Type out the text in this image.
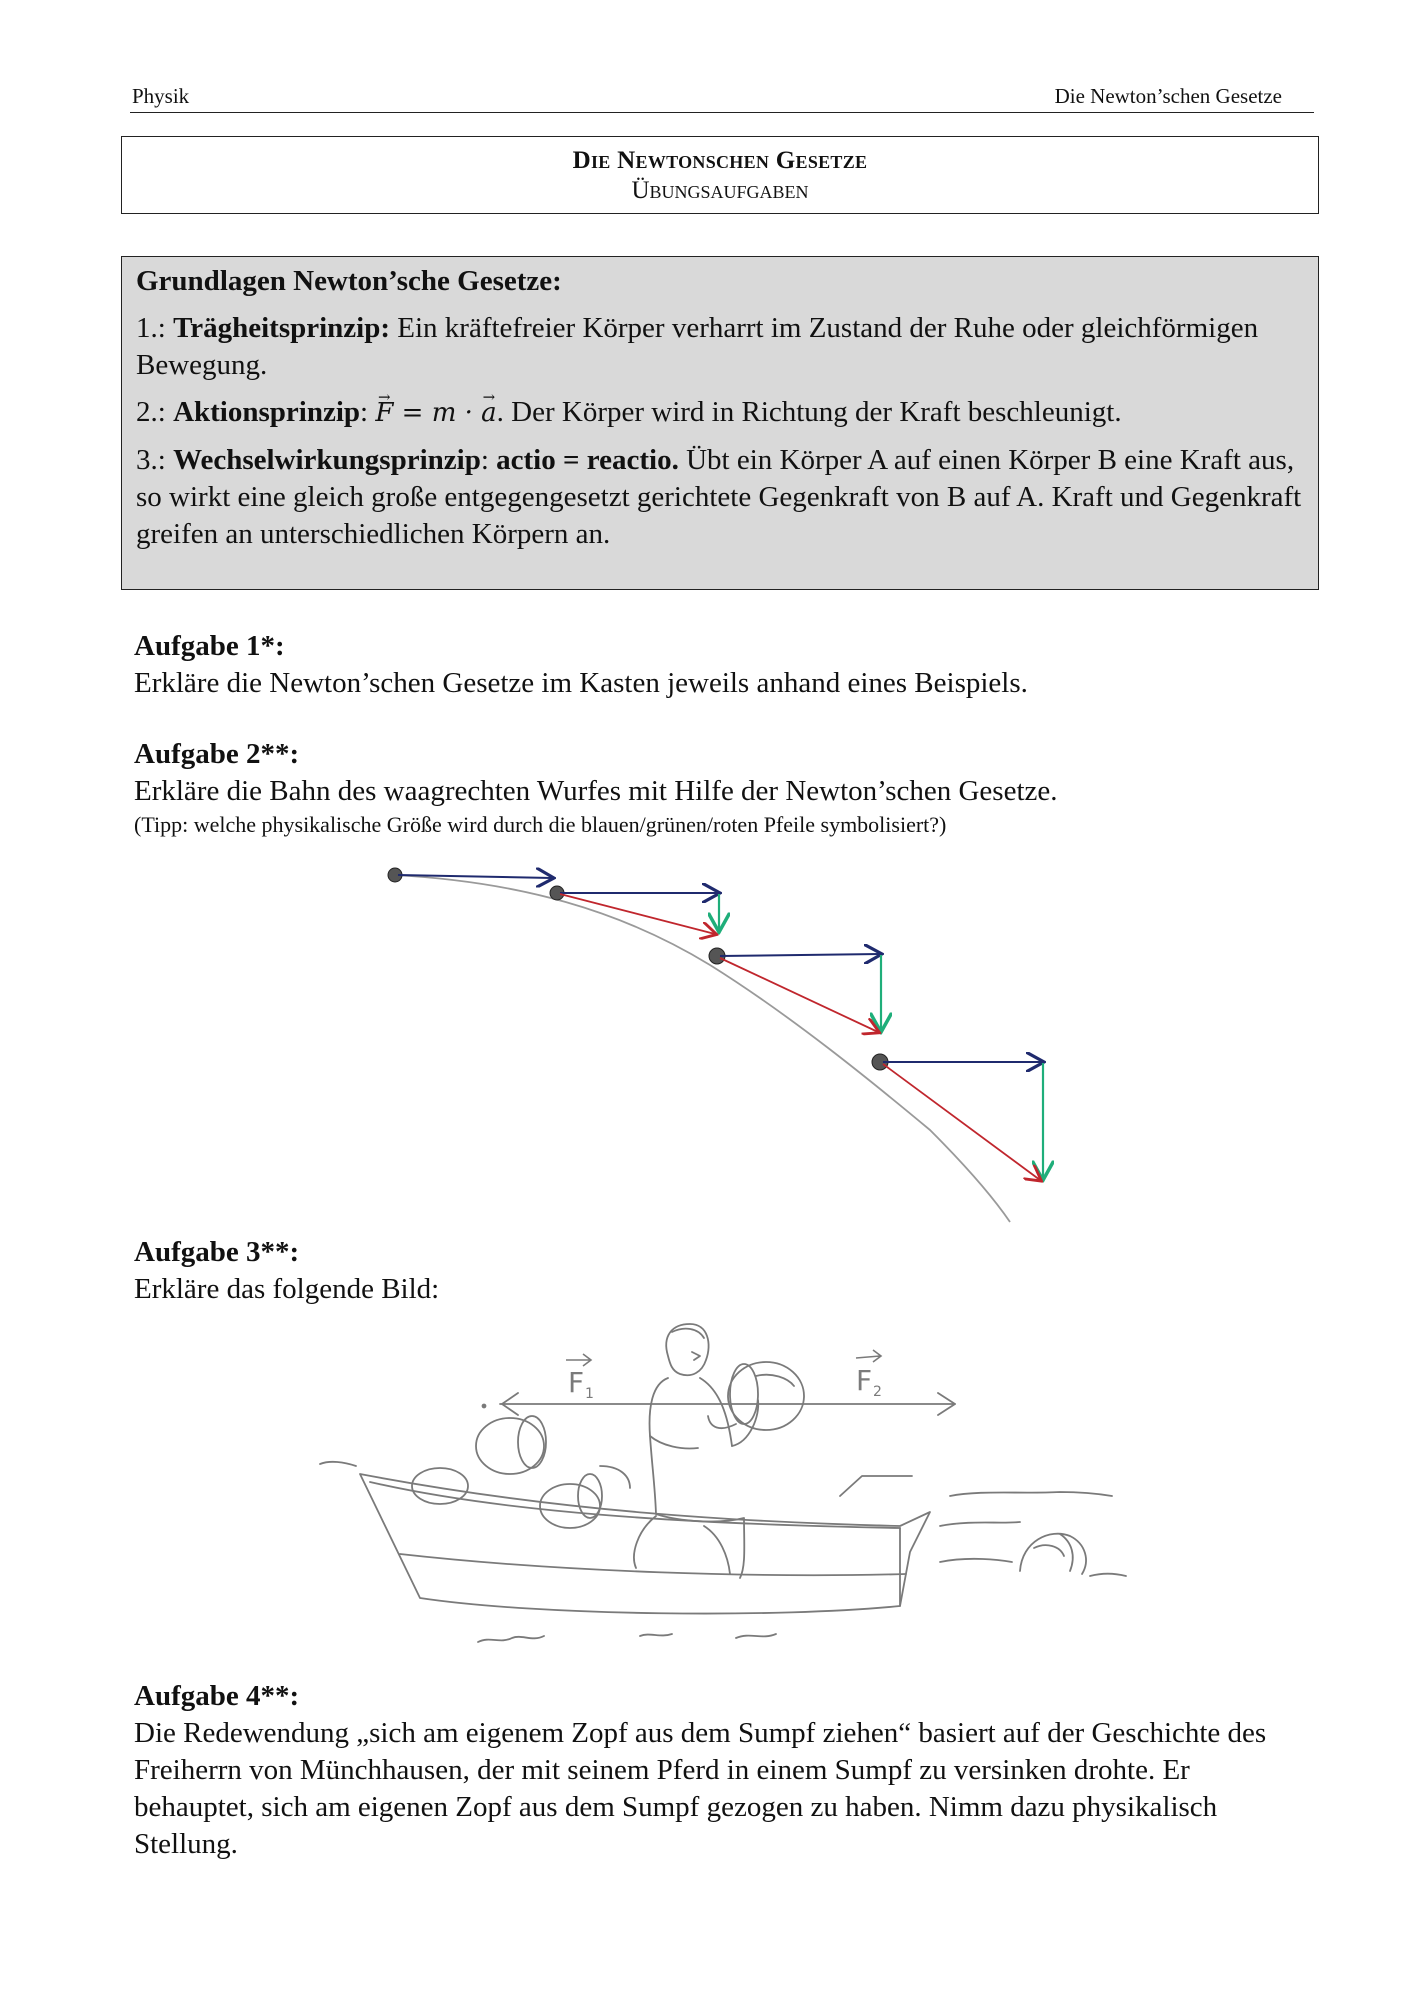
Physik	Die Newton’schen Gesetze
Die Newtonschen Gesetze
Übungsaufgaben

Grundlagen Newton’sche Gesetze:

1.: Trägheitsprinzip: Ein kräftefreier Körper verharrt im Zustand der Ruhe oder gleichförmigen Bewegung.

2.: Aktionsprinzip: → F = m · → a. Der Körper wird in Richtung der Kraft beschleunigt.

3.: Wechselwirkungsprinzip: actio = reactio. Übt ein Körper A auf einen Körper B eine Kraft aus, so wirkt eine gleich große entgegengesetzt gerichtete Gegenkraft von B auf A. Kraft und Gegenkraft greifen an unterschiedlichen Körpern an.

Aufgabe 1*:

Erkläre die Newton’schen Gesetze im Kasten jeweils anhand eines Beispiels.

Aufgabe 2**:

Erkläre die Bahn des waagrechten Wurfes mit Hilfe der Newton’schen Gesetze.

(Tipp: welche physikalische Größe wird durch die blauen/grünen/roten Pfeile symbolisiert?)

Aufgabe 3**:

Erkläre das folgende Bild:

F 1	F 2
Aufgabe 4**:

Die Redewendung „sich am eigenem Zopf aus dem Sumpf ziehen“ basiert auf der Geschichte des Freiherrn von Münchhausen, der mit seinem Pferd in einem Sumpf zu versinken drohte. Er behauptet, sich am eigenen Zopf aus dem Sumpf gezogen zu haben. Nimm dazu physikalisch Stellung.
